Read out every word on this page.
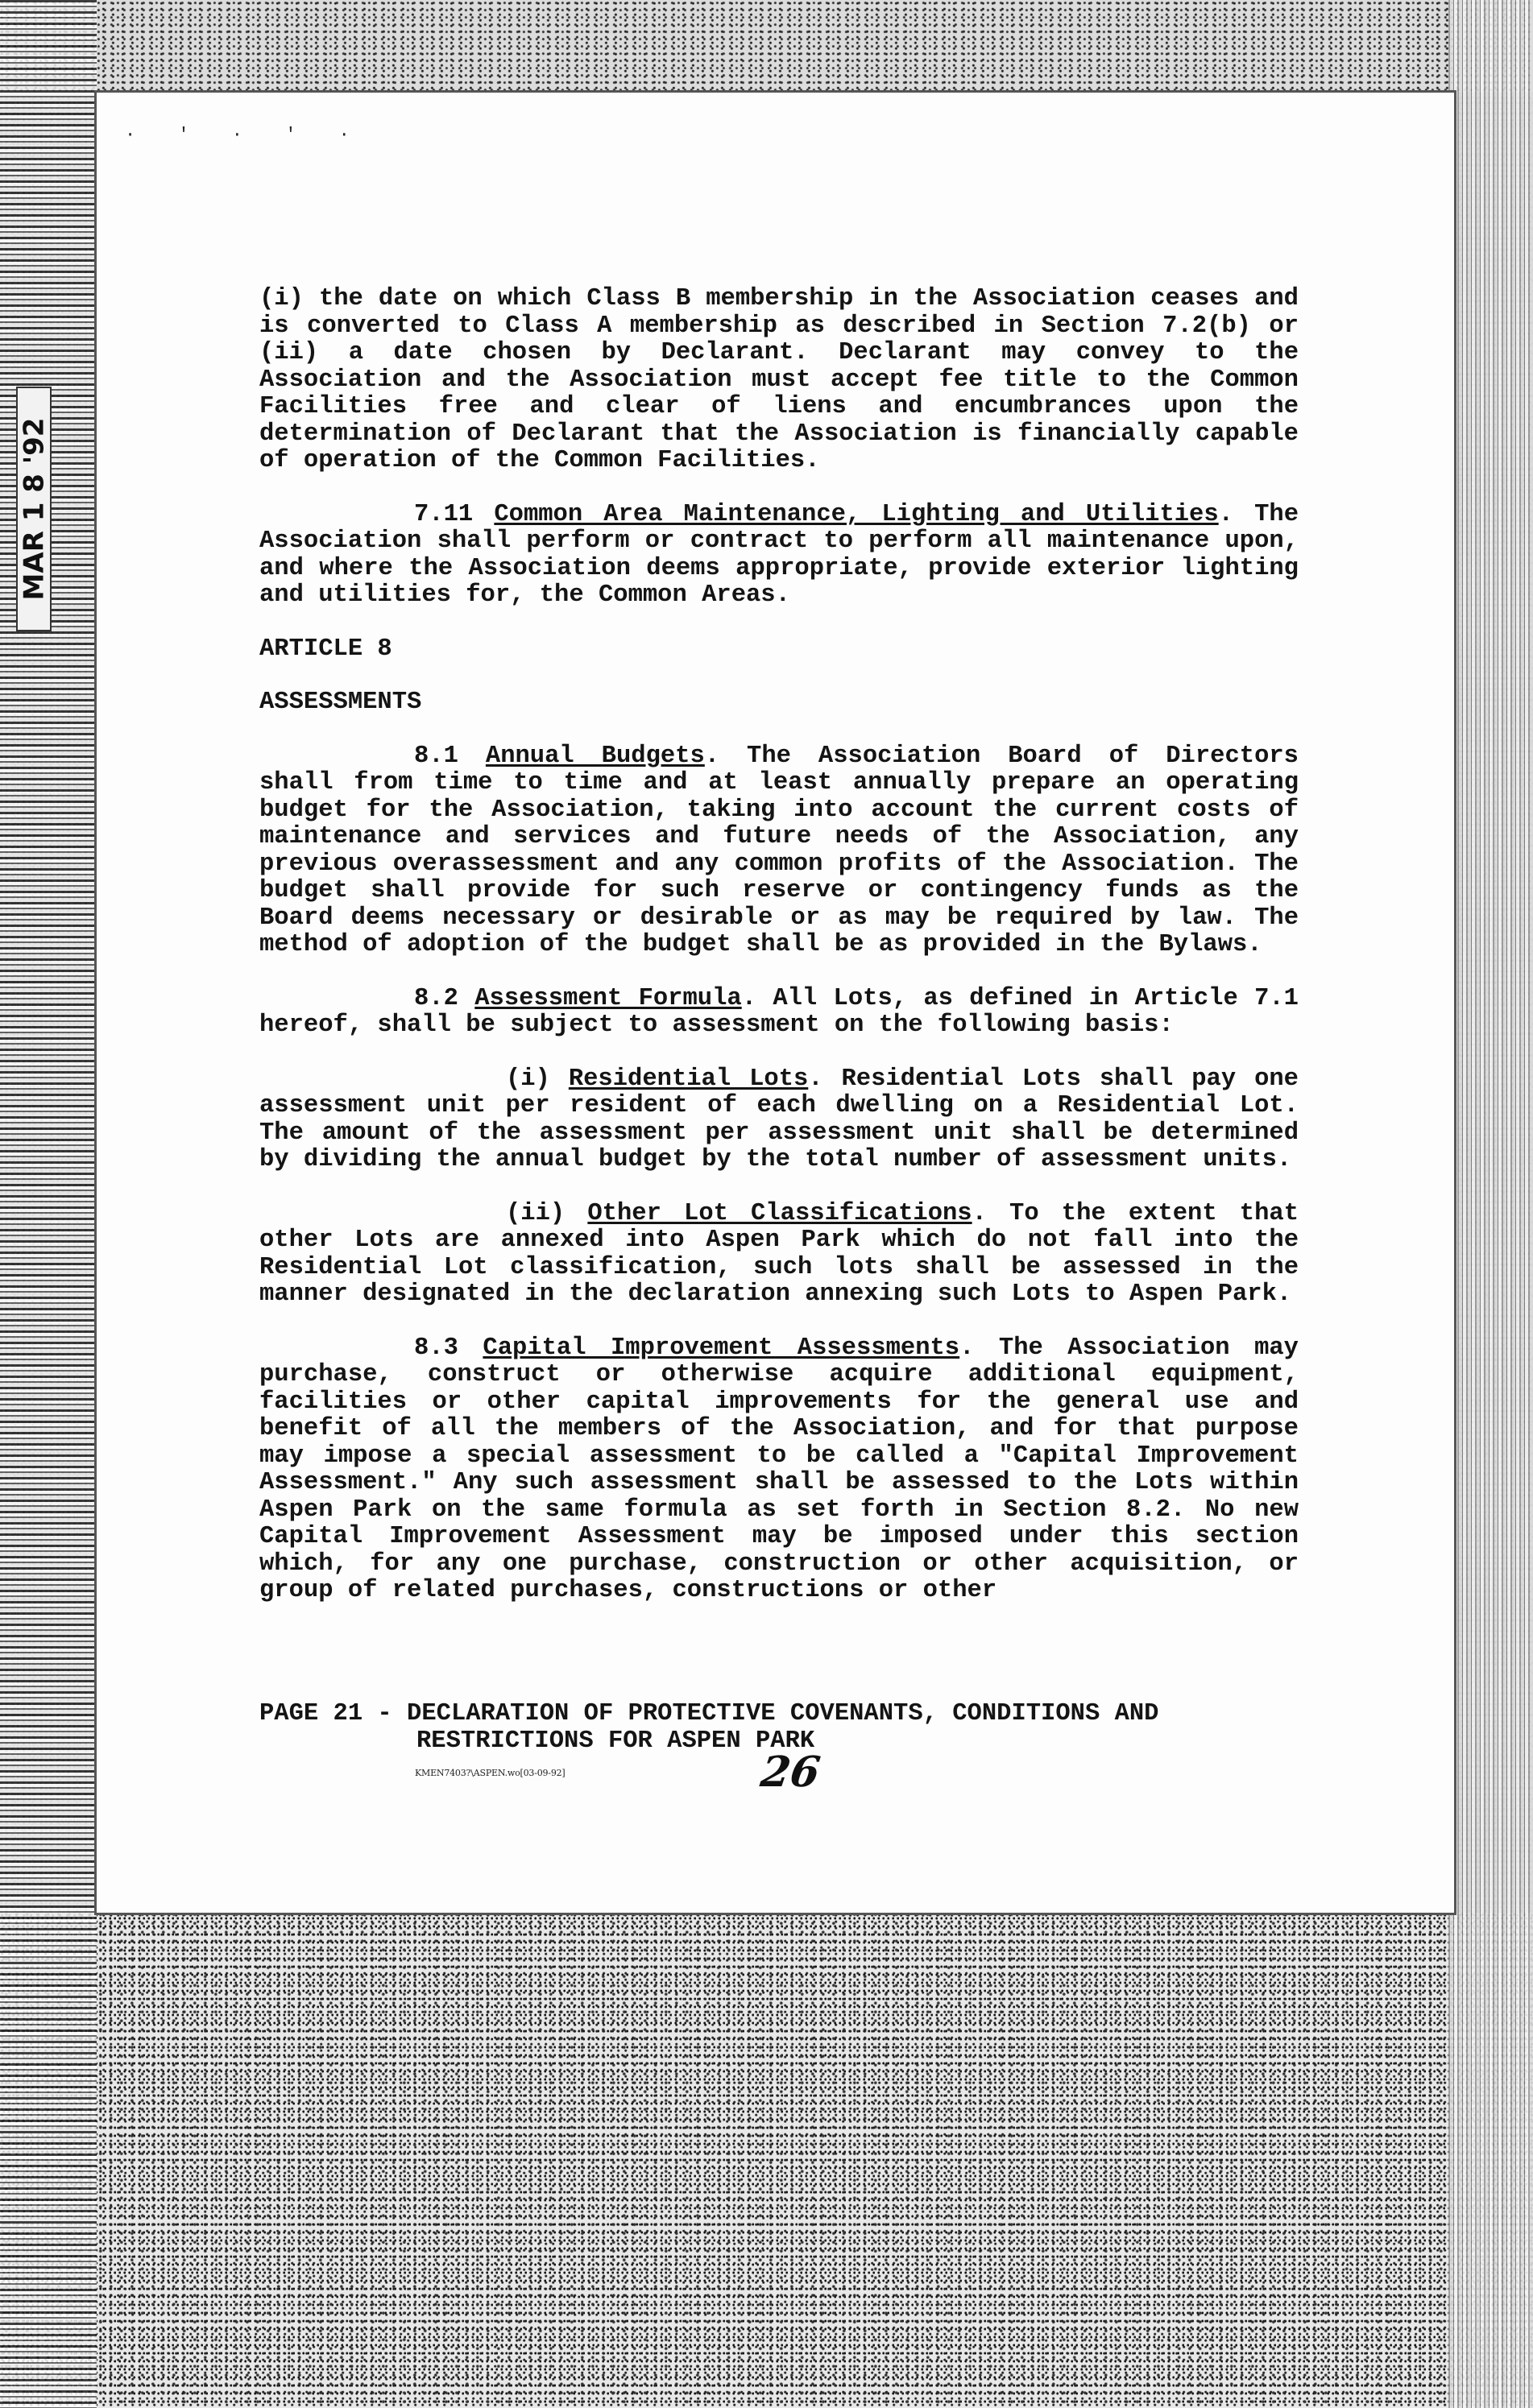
MAR 1 8 '92
· ' · ' ·

(i) the date on which Class B membership in the Association ceases and is converted to Class A membership as described in Section 7.2(b) or (ii) a date chosen by Declarant. Declarant may convey to the Association and the Association must accept fee title to the Common Facilities free and clear of liens and encumbrances upon the determination of Declarant that the Association is financially capable of operation of the Common Facilities.

7.11 Common Area Maintenance, Lighting and Utilities. The Association shall perform or contract to perform all maintenance upon, and where the Association deems appropriate, provide exterior lighting and utilities for, the Common Areas.

ARTICLE 8

ASSESSMENTS

8.1 Annual Budgets. The Association Board of Directors shall from time to time and at least annually prepare an operating budget for the Association, taking into account the current costs of maintenance and services and future needs of the Association, any previous overassessment and any common profits of the Association. The budget shall provide for such reserve or contingency funds as the Board deems necessary or desirable or as may be required by law. The method of adoption of the budget shall be as provided in the Bylaws.

8.2 Assessment Formula. All Lots, as defined in Article 7.1 hereof, shall be subject to assessment on the following basis:

(i) Residential Lots. Residential Lots shall pay one assessment unit per resident of each dwelling on a Residential Lot. The amount of the assessment per assessment unit shall be determined by dividing the annual budget by the total number of assessment units.

(ii) Other Lot Classifications. To the extent that other Lots are annexed into Aspen Park which do not fall into the Residential Lot classification, such lots shall be assessed in the manner designated in the declaration annexing such Lots to Aspen Park.

8.3 Capital Improvement Assessments. The Association may purchase, construct or otherwise acquire additional equipment, facilities or other capital improvements for the general use and benefit of all the members of the Association, and for that purpose may impose a special assessment to be called a "Capital Improvement Assessment." Any such assessment shall be assessed to the Lots within Aspen Park on the same formula as set forth in Section 8.2. No new Capital Improvement Assessment may be imposed under this section which, for any one purchase, construction or other acquisition, or group of related purchases, constructions or other

PAGE 21 - DECLARATION OF PROTECTIVE COVENANTS, CONDITIONS AND
RESTRICTIONS FOR ASPEN PARK
KMEN7403?\ASPEN.wo[03-09-92]	26
